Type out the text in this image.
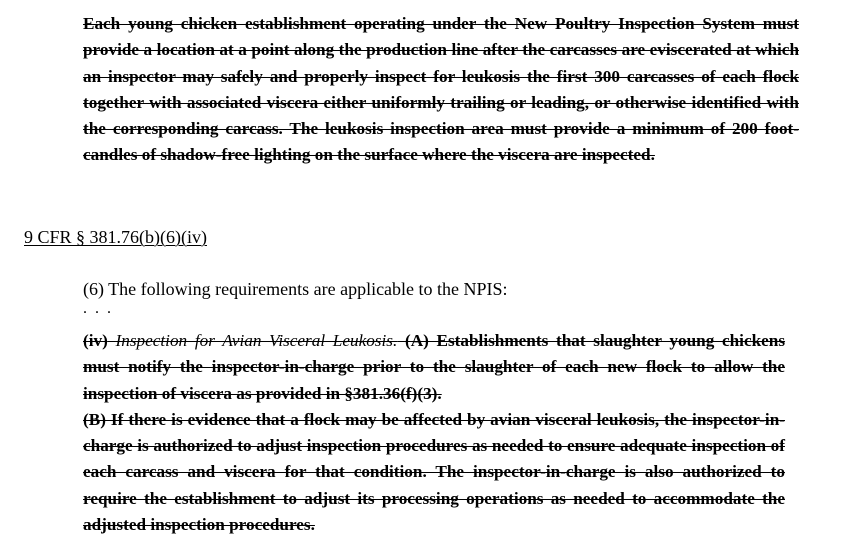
Each young chicken establishment operating under the New Poultry Inspection System must provide a location at a point along the production line after the carcasses are eviscerated at which an inspector may safely and properly inspect for leukosis the first 300 carcasses of each flock together with associated viscera either uniformly trailing or leading, or otherwise identified with the corresponding carcass. The leukosis inspection area must provide a minimum of 200 foot-candles of shadow-free lighting on the surface where the viscera are inspected.
9 CFR § 381.76(b)(6)(iv)
(6) The following requirements are applicable to the NPIS:
. . .

(iv) Inspection for Avian Visceral Leukosis. (A) Establishments that slaughter young chickens must notify the inspector-in-charge prior to the slaughter of each new flock to allow the inspection of viscera as provided in §381.36(f)(3).

(B) If there is evidence that a flock may be affected by avian visceral leukosis, the inspector-in-charge is authorized to adjust inspection procedures as needed to ensure adequate inspection of each carcass and viscera for that condition. The inspector-in-charge is also authorized to require the establishment to adjust its processing operations as needed to accommodate the adjusted inspection procedures.
